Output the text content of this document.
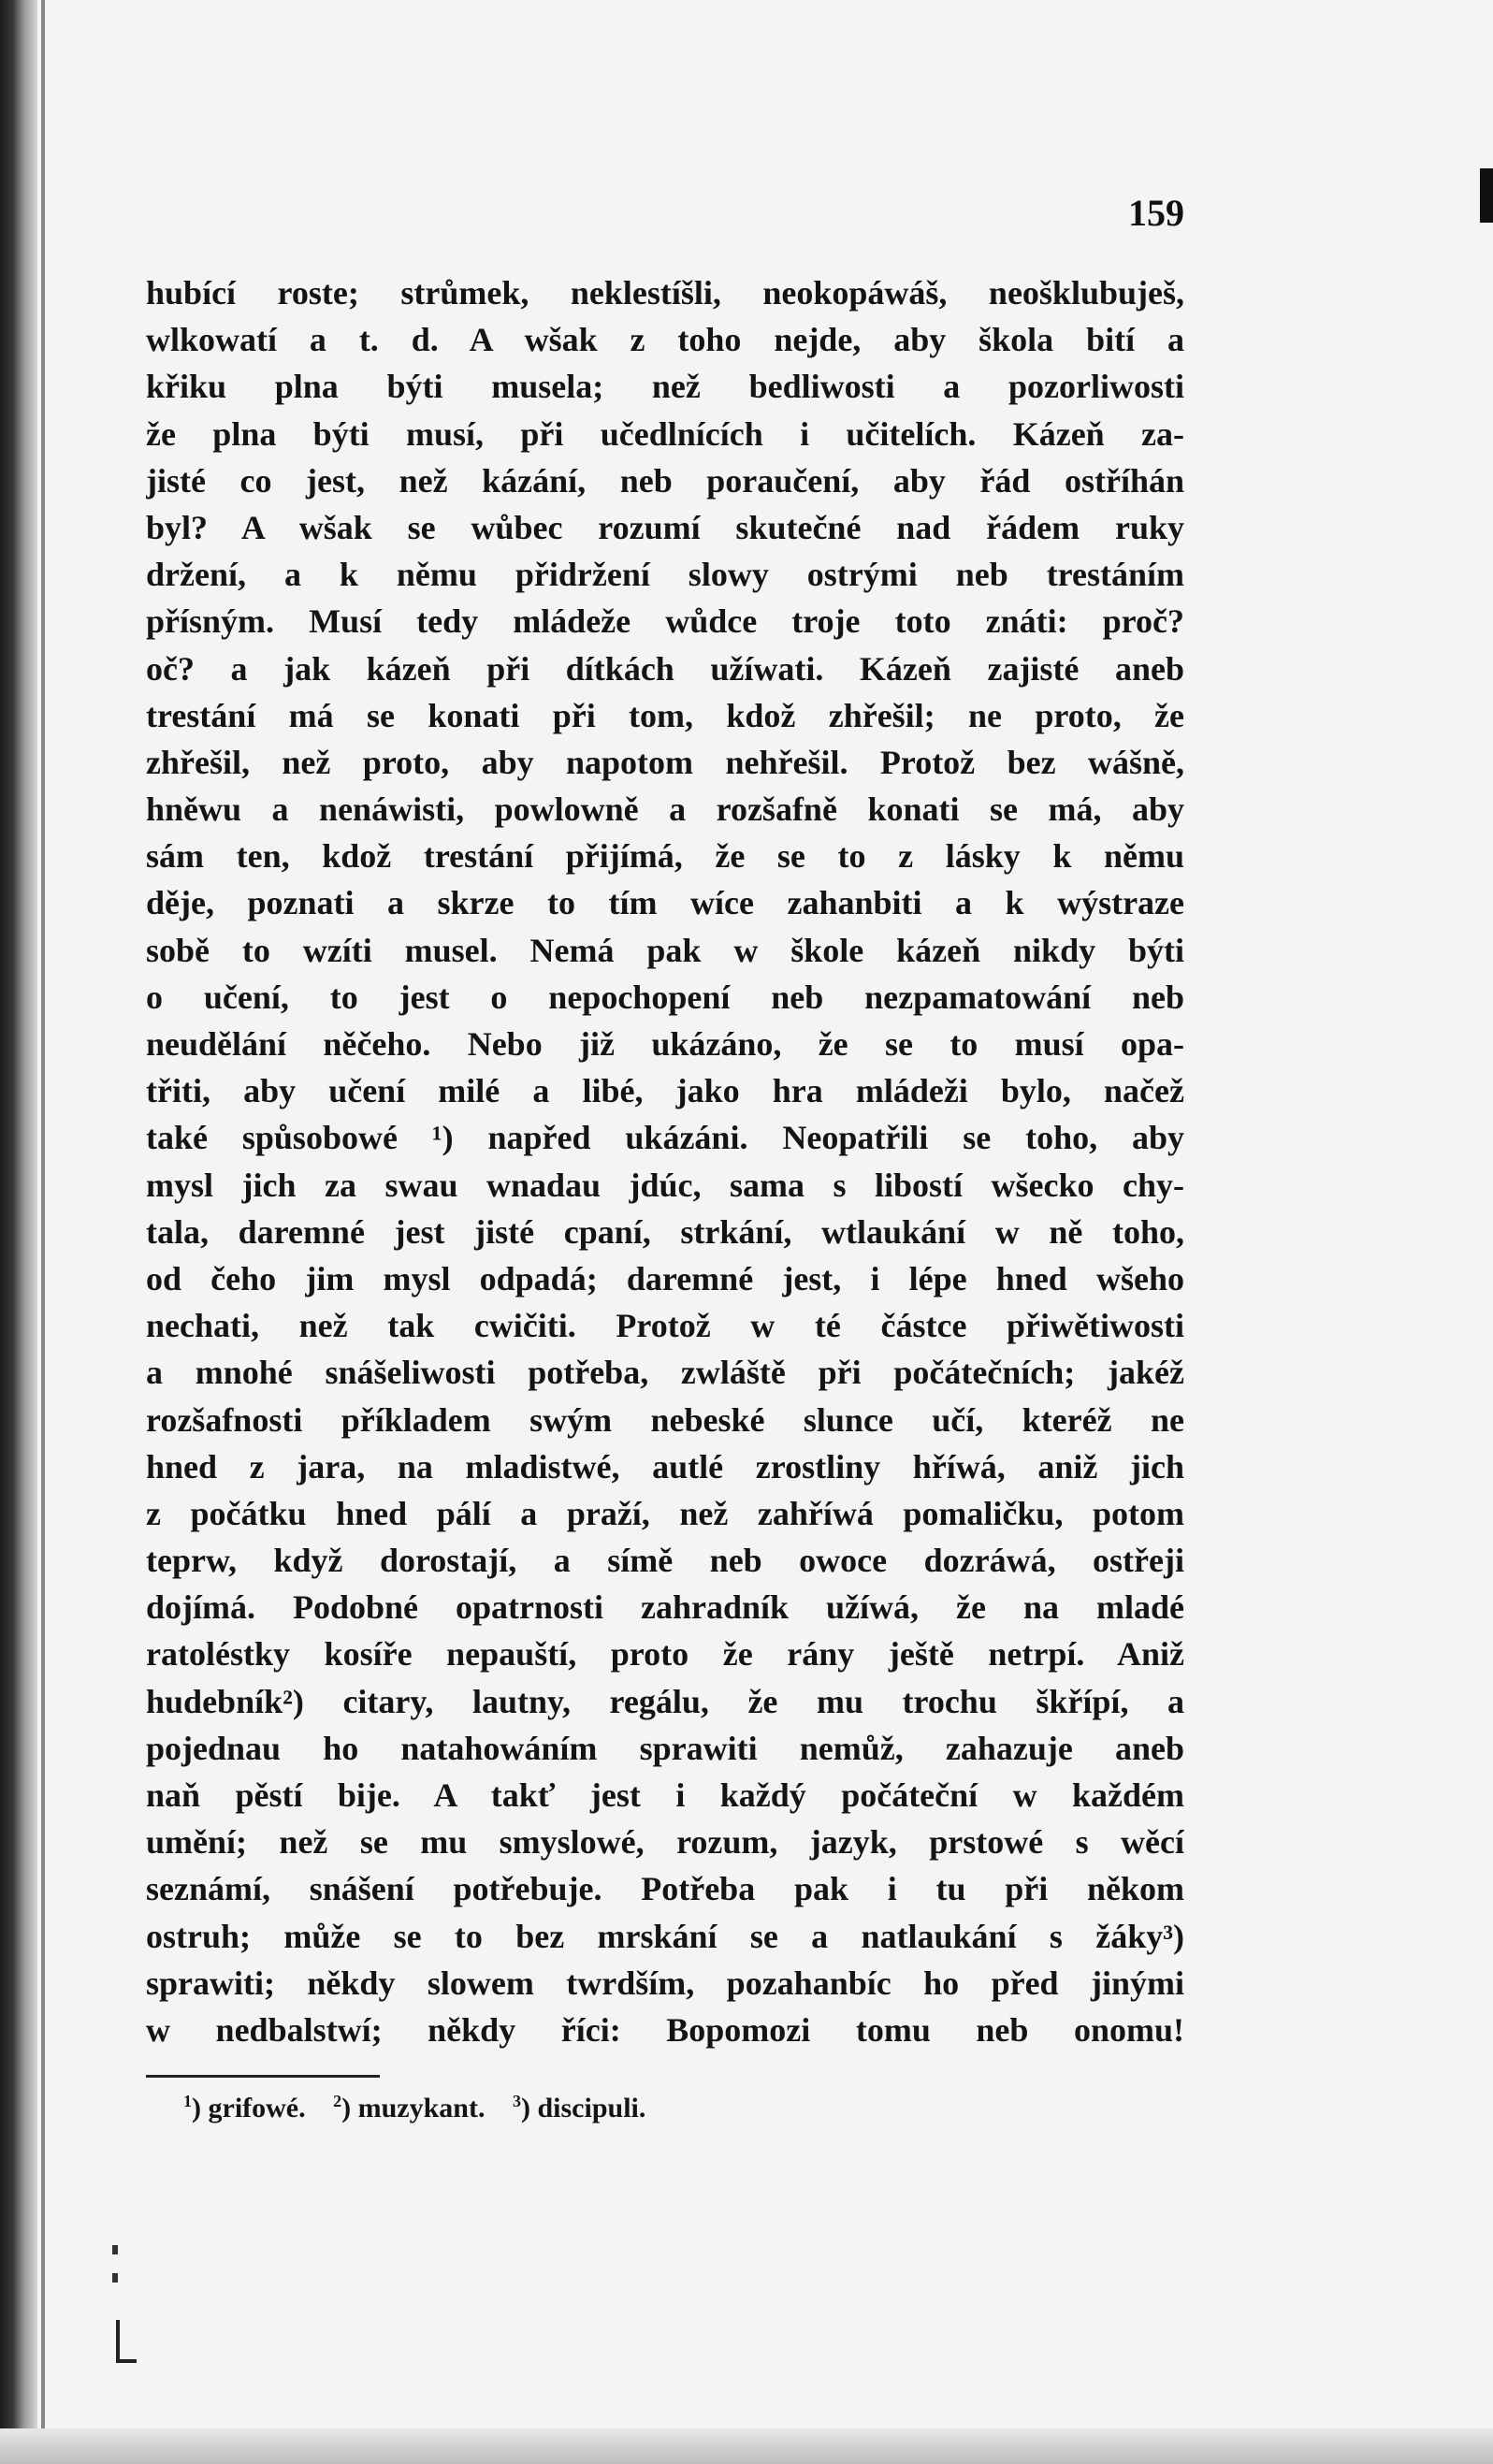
159
hubící roste; strůmek, neklestíšli, neokopáwáš, neošklubuješ,
wlkowatí a t. d. A wšak z toho nejde, aby škola bití a
křiku plna býti musela; než bedliwosti a pozorliwosti
že plna býti musí, při učedlnících i učitelích. Kázeň za-
jisté co jest, než kázání, neb poraučení, aby řád ostříhán
byl? A wšak se wůbec rozumí skutečné nad řádem ruky
držení, a k němu přidržení slowy ostrými neb trestáním
přísným. Musí tedy mládeže wůdce troje toto znáti: proč?
oč? a jak kázeň při dítkách užíwati. Kázeň zajisté aneb
trestání má se konati při tom, kdož zhřešil; ne proto, že
zhřešil, než proto, aby napotom nehřešil. Protož bez wášně,
hněwu a nenáwisti, powlowně a rozšafně konati se má, aby
sám ten, kdož trestání přijímá, že se to z lásky k němu
děje, poznati a skrze to tím wíce zahanbiti a k wýstraze
sobě to wzíti musel. Nemá pak w škole kázeň nikdy býti
o učení, to jest o nepochopení neb nezpamatowání neb
neudělání něčeho. Nebo již ukázáno, že se to musí opa-
třiti, aby učení milé a libé, jako hra mládeži bylo, načež
také spůsobowé ¹) napřed ukázáni. Neopatřili se toho, aby
mysl jich za swau wnadau jdúc, sama s libostí wšecko chy-
tala, daremné jest jisté cpaní, strkání, wtlaukání w ně toho,
od čeho jim mysl odpadá; daremné jest, i lépe hned wšeho
nechati, než tak cwičiti. Protož w té částce přiwětiwosti
a mnohé snášeliwosti potřeba, zwláště při počátečních; jakéž
rozšafnosti příkladem swým nebeské slunce učí, kteréž ne
hned z jara, na mladistwé, autlé zrostliny hříwá, aniž jich
z počátku hned pálí a praží, než zahříwá pomaličku, potom
teprw, když dorostají, a símě neb owoce dozráwá, ostřeji
dojímá. Podobné opatrnosti zahradník užíwá, že na mladé
ratoléstky kosíře nepauští, proto že rány ještě netrpí. Aniž
hudebník²) citary, lautny, regálu, že mu trochu škřípí, a
pojednau ho natahowáním sprawiti nemůž, zahazuje aneb
naň pěstí bije. A takť jest i každý počáteční w každém
umění; než se mu smyslowé, rozum, jazyk, prstowé s wěcí
seznámí, snášení potřebuje. Potřeba pak i tu při někom
ostruh; může se to bez mrskání se a natlaukání s žáky³)
sprawiti; někdy slowem twrdším, pozahanbíc ho před jinými
w nedbalstwí; někdy říci: Bopomozi tomu neb onomu!
$^1$) grifowé. $^2$) muzykant. $^3$) discipuli.
